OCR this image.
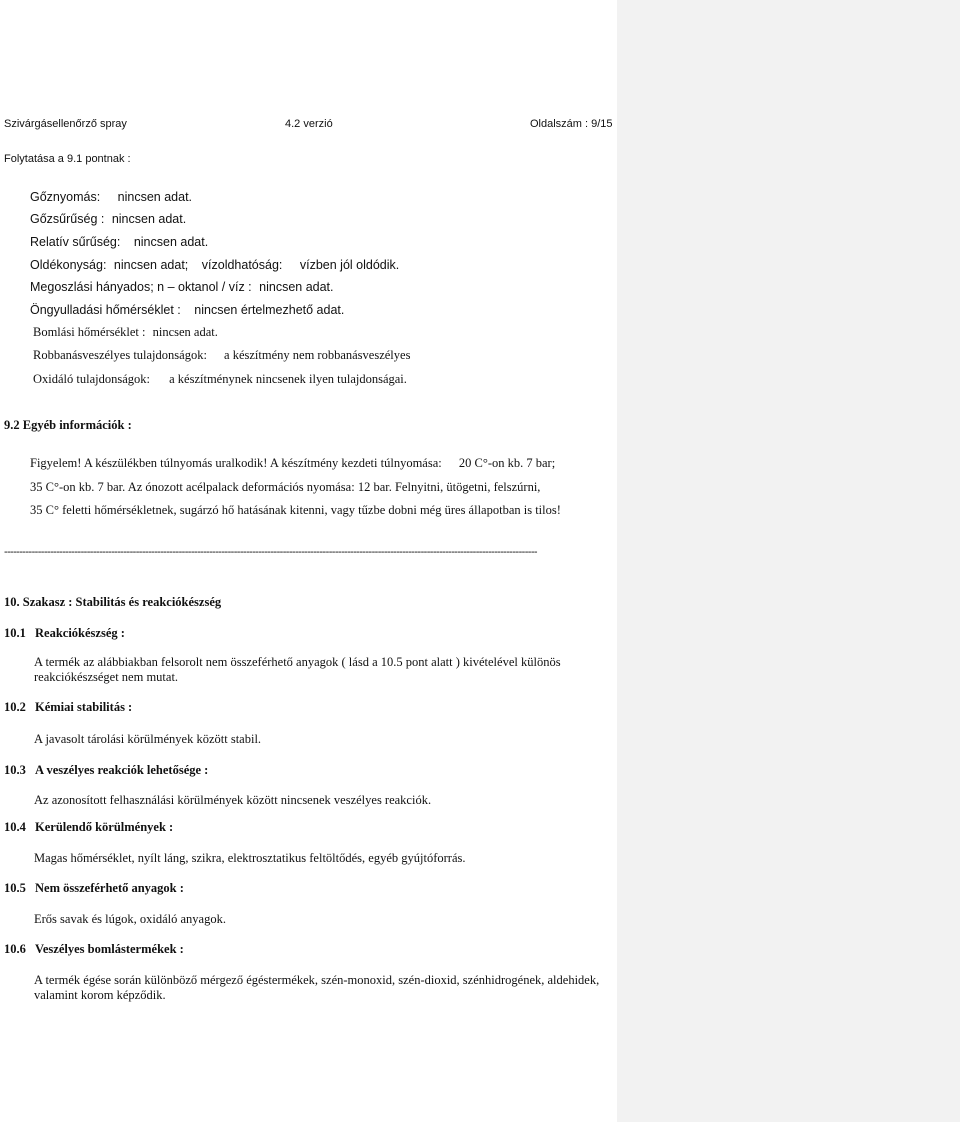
Szivárgásellenőrző spray	4.2 verzió	Oldalszám : 9/15
Folytatása a 9.1 pontnak :
Gőznyomás: nincsen adat.
Gőzsűrűség : nincsen adat.
Relatív sűrűség: nincsen adat.
Oldékonyság: nincsen adat; vízoldhatóság: vízben jól oldódik.
Megoszlási hányados; n – oktanol / víz : nincsen adat.
Öngyulladási hőmérséklet : nincsen értelmezhető adat.
Bomlási hőmérséklet : nincsen adat.
Robbanásveszélyes tulajdonságok: a készítmény nem robbanásveszélyes
Oxidáló tulajdonságok: a készítménynek nincsenek ilyen tulajdonságai.
9.2 Egyéb információk :
Figyelem! A készülékben túlnyomás uralkodik! A készítmény kezdeti túlnyomása: 20 C°-on kb. 7 bar;
35 C°-on kb. 7 bar. Az ónozott acélpalack deformációs nyomása: 12 bar. Felnyitni, ütögetni, felszúrni,
35 C° feletti hőmérsékletnek, sugárzó hő hatásának kitenni, vagy tűzbe dobni még üres állapotban is tilos!
------------------------------------------------------------------------------------------------------------------------------------------------------------------------------
10. Szakasz : Stabilitás és reakciókészség
10.1 Reakciókészség :
A termék az alábbiakban felsorolt nem összeférhető anyagok ( lásd a 10.5 pont alatt ) kivételével különös reakciókészséget nem mutat.
10.2 Kémiai stabilitás :
A javasolt tárolási körülmények között stabil.
10.3 A veszélyes reakciók lehetősége :
Az azonosított felhasználási körülmények között nincsenek veszélyes reakciók.
10.4 Kerülendő körülmények :
Magas hőmérséklet, nyílt láng, szikra, elektrosztatikus feltöltődés, egyéb gyújtóforrás.
10.5 Nem összeférhető anyagok :
Erős savak és lúgok, oxidáló anyagok.
10.6 Veszélyes bomlástermékek :
A termék égése során különböző mérgező égéstermékek, szén-monoxid, szén-dioxid, szénhidrogének, aldehidek, valamint korom képződik.
